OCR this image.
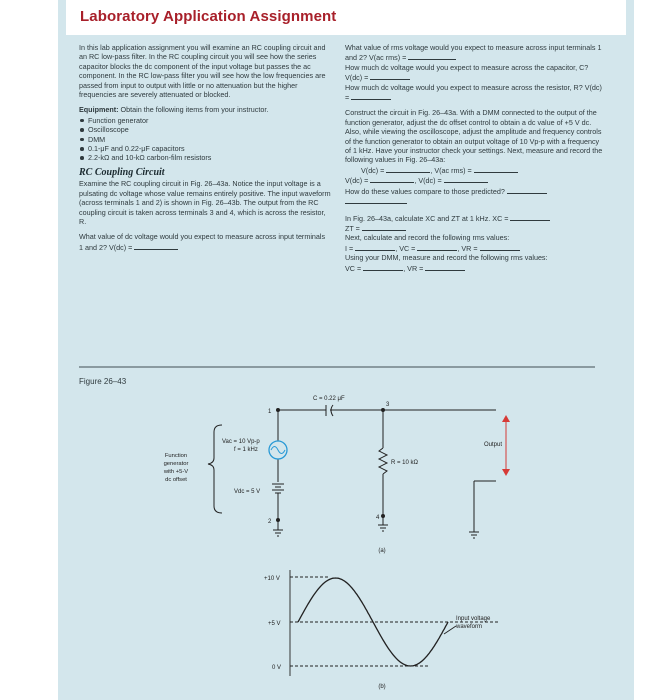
Laboratory Application Assignment

In this lab application assignment you will examine an RC coupling circuit and an RC low-pass filter. In the RC coupling circuit you will see how the series capacitor blocks the dc component of the input voltage but passes the ac component. In the RC low-pass filter you will see how the low frequencies are passed from input to output with little or no attenuation but the higher frequencies are severely attenuated or blocked.

Equipment: Obtain the following items from your instructor.

Function generator
Oscilloscope
DMM
0.1-μF and 0.22-μF capacitors
2.2-kΩ and 10-kΩ carbon-film resistors
RC Coupling Circuit

Examine the RC coupling circuit in Fig. 26–43a. Notice the input voltage is a pulsating dc voltage whose value remains entirely positive. The input waveform (across terminals 1 and 2) is shown in Fig. 26–43b. The output from the RC coupling circuit is taken across terminals 3 and 4, which is across the resistor, R.

What value of dc voltage would you expect to measure across input terminals 1 and 2? V(dc) =

What value of rms voltage would you expect to measure across input terminals 1 and 2? V(ac rms) =

How much dc voltage would you expect to measure across the capacitor, C? V(dc) =

How much dc voltage would you expect to measure across the resistor, R? V(dc) =

Construct the circuit in Fig. 26–43a. With a DMM connected to the output of the function generator, adjust the dc offset control to obtain a dc value of +5 V dc. Also, while viewing the oscilloscope, adjust the amplitude and frequency controls of the function generator to obtain an output voltage of 10 Vp-p with a frequency of 1 kHz. Have your instructor check your settings. Next, measure and record the following values in Fig. 26–43a:

V(dc) =	, V(ac rms) =

V(dc) =	, V(dc) =

How do these values compare to those predicted?

In Fig. 26–43a, calculate XC and ZT at 1 kHz. XC =

ZT =

Next, calculate and record the following rms values:

I =	, VC =	, VR =

Using your DMM, measure and record the following rms values:

VC =	, VR =

Figure 26–43
1
2
3
4
C = 0.22 μF
R = 10 kΩ
Vac = 10 Vp-p
f = 1 kHz
Vdc = 5 V
Function
generator
with +5-V
dc offset
Output
(a)
+10 V
+5 V
0 V
Input voltage
waveform
(b)
